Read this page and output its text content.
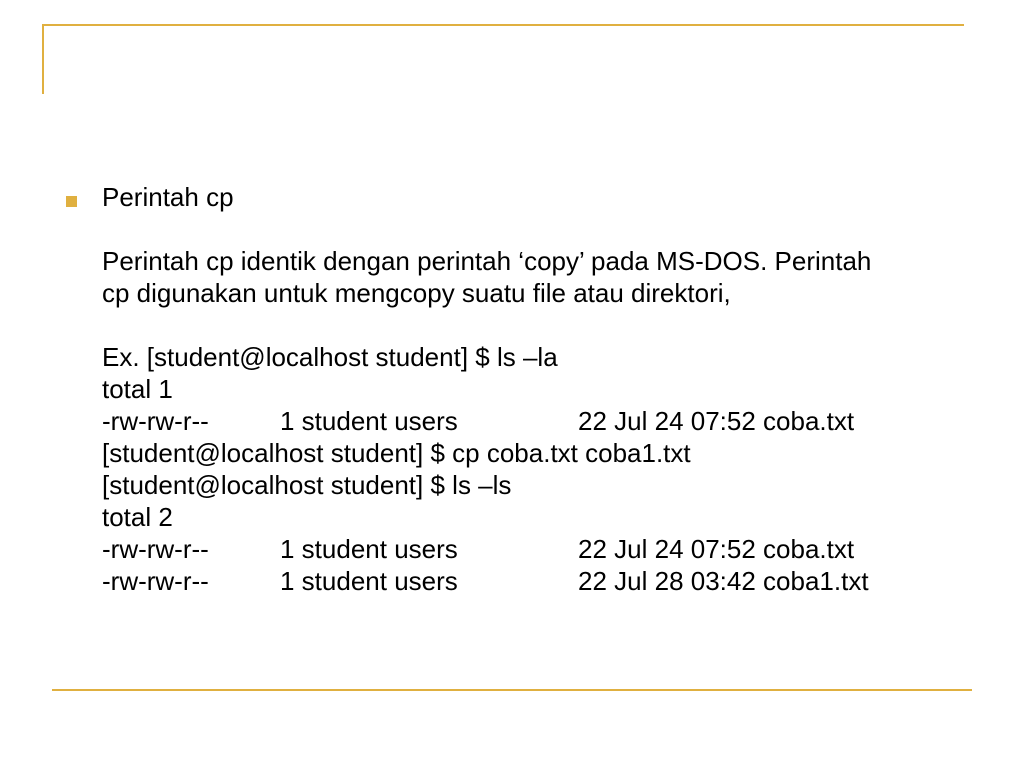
Perintah cp
Perintah cp identik dengan perintah ‘copy’ pada MS-DOS. Perintah cp digunakan untuk mengcopy suatu file atau direktori,
Ex. [student@localhost student] $ ls –la
total 1
-rw-rw-r--	1 student users	22 Jul 24 07:52 coba.txt
[student@localhost student] $ cp coba.txt coba1.txt
[student@localhost student] $ ls –ls
total 2
-rw-rw-r--	1 student users	22 Jul 24 07:52 coba.txt
-rw-rw-r--	1 student users	22 Jul 28 03:42 coba1.txt
